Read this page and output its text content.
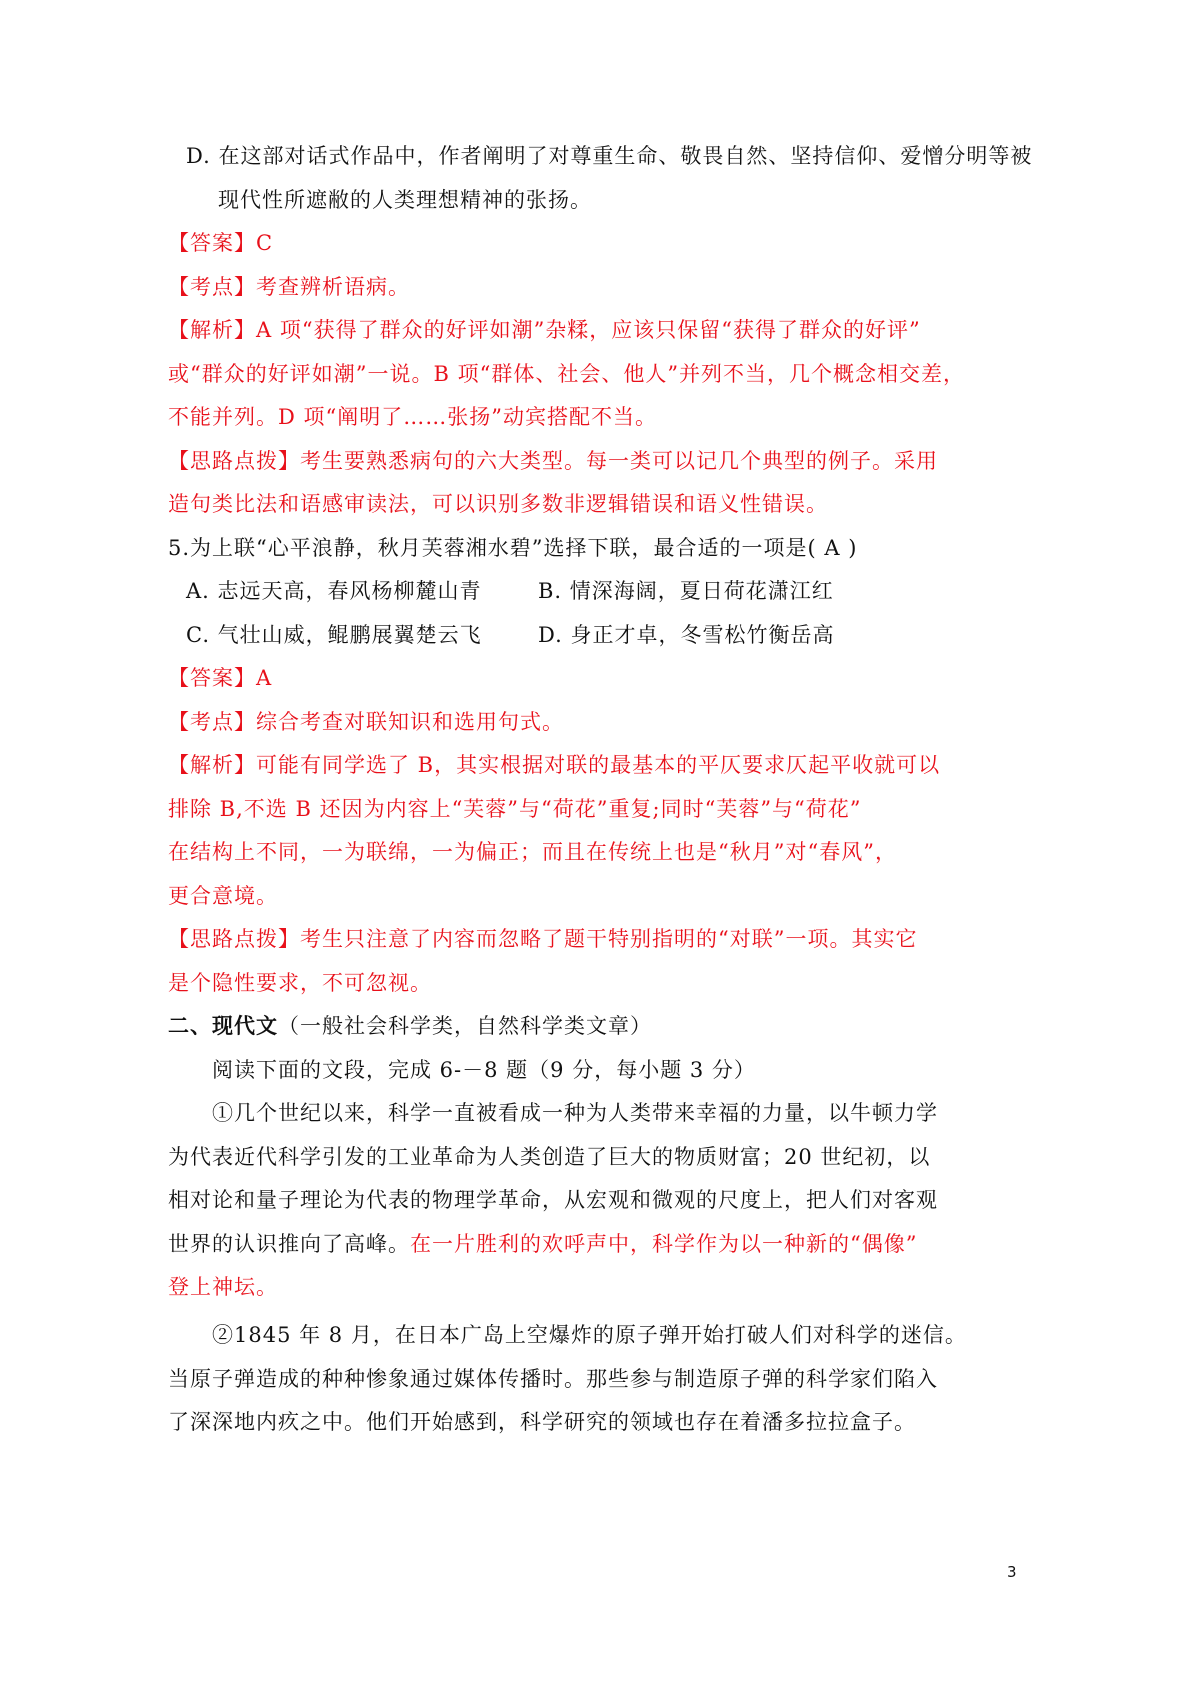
D. 在这部对话式作品中，作者阐明了对尊重生命、敬畏自然、坚持信仰、爱憎分明等被
现代性所遮敝的人类理想精神的张扬。
【答案】C
【考点】考查辨析语病。
【解析】A 项“获得了群众的好评如潮”杂糅，应该只保留“获得了群众的好评”
或“群众的好评如潮”一说。B 项“群体、社会、他人”并列不当，几个概念相交差，
不能并列。D 项“阐明了……张扬”动宾搭配不当。
【思路点拨】考生要熟悉病句的六大类型。每一类可以记几个典型的例子。采用
造句类比法和语感审读法，可以识别多数非逻辑错误和语义性错误。
5.为上联“心平浪静，秋月芙蓉湘水碧”选择下联，最合适的一项是( A )
A. 志远天高，春风杨柳麓山青	B. 情深海阔，夏日荷花潇江红
C. 气壮山威，鲲鹏展翼楚云飞	D. 身正才卓，冬雪松竹衡岳高
【答案】A
【考点】综合考查对联知识和选用句式。
【解析】可能有同学选了 B，其实根据对联的最基本的平仄要求仄起平收就可以
排除 B,不选 B 还因为内容上“芙蓉”与“荷花”重复;同时“芙蓉”与“荷花”
在结构上不同，一为联绵，一为偏正；而且在传统上也是“秋月”对“春风”，
更合意境。
【思路点拨】考生只注意了内容而忽略了题干特别指明的“对联”一项。其实它
是个隐性要求，不可忽视。
二、现代文（一般社会科学类，自然科学类文章）
阅读下面的文段，完成 6-－8 题（9 分，每小题 3 分）
①几个世纪以来，科学一直被看成一种为人类带来幸福的力量，以牛顿力学
为代表近代科学引发的工业革命为人类创造了巨大的物质财富；20 世纪初，以
相对论和量子理论为代表的物理学革命，从宏观和微观的尺度上，把人们对客观
世界的认识推向了高峰。在一片胜利的欢呼声中，科学作为以一种新的“偶像”
登上神坛。
②1845 年 8 月，在日本广岛上空爆炸的原子弹开始打破人们对科学的迷信。
当原子弹造成的种种惨象通过媒体传播时。那些参与制造原子弹的科学家们陷入
了深深地内疚之中。他们开始感到，科学研究的领域也存在着潘多拉拉盒子。
3
